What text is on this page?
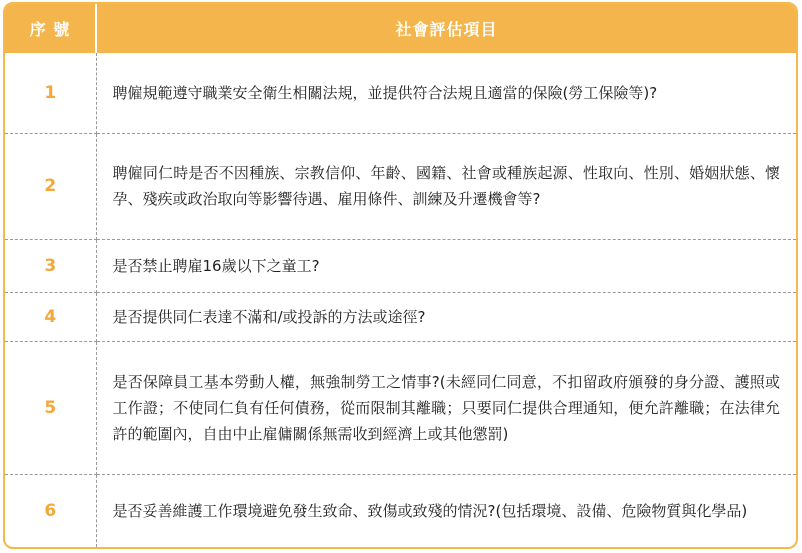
序 號	社會評估項目
1	聘僱規範遵守職業安全衛生相關法規，並提供符合法規且適當的保險(勞工保險等)?
2	聘僱同仁時是否不因種族、宗教信仰、年齡、國籍、社會或種族起源、性取向、性別、婚姻狀態、懷孕、殘疾或政治取向等影響待遇、雇用條件、訓練及升遷機會等?
3	是否禁止聘雇16歲以下之童工?
4	是否提供同仁表達不滿和/或投訴的方法或途徑?
5	是否保障員工基本勞動人權，無強制勞工之情事?(未經同仁同意，不扣留政府頒發的身分證、護照或工作證；不使同仁負有任何債務，從而限制其離職；只要同仁提供合理通知，便允許離職；在法律允許的範圍內，自由中止雇傭關係無需收到經濟上或其他懲罰)
6	是否妥善維護工作環境避免發生致命、致傷或致殘的情況?(包括環境、設備、危險物質與化學品)
